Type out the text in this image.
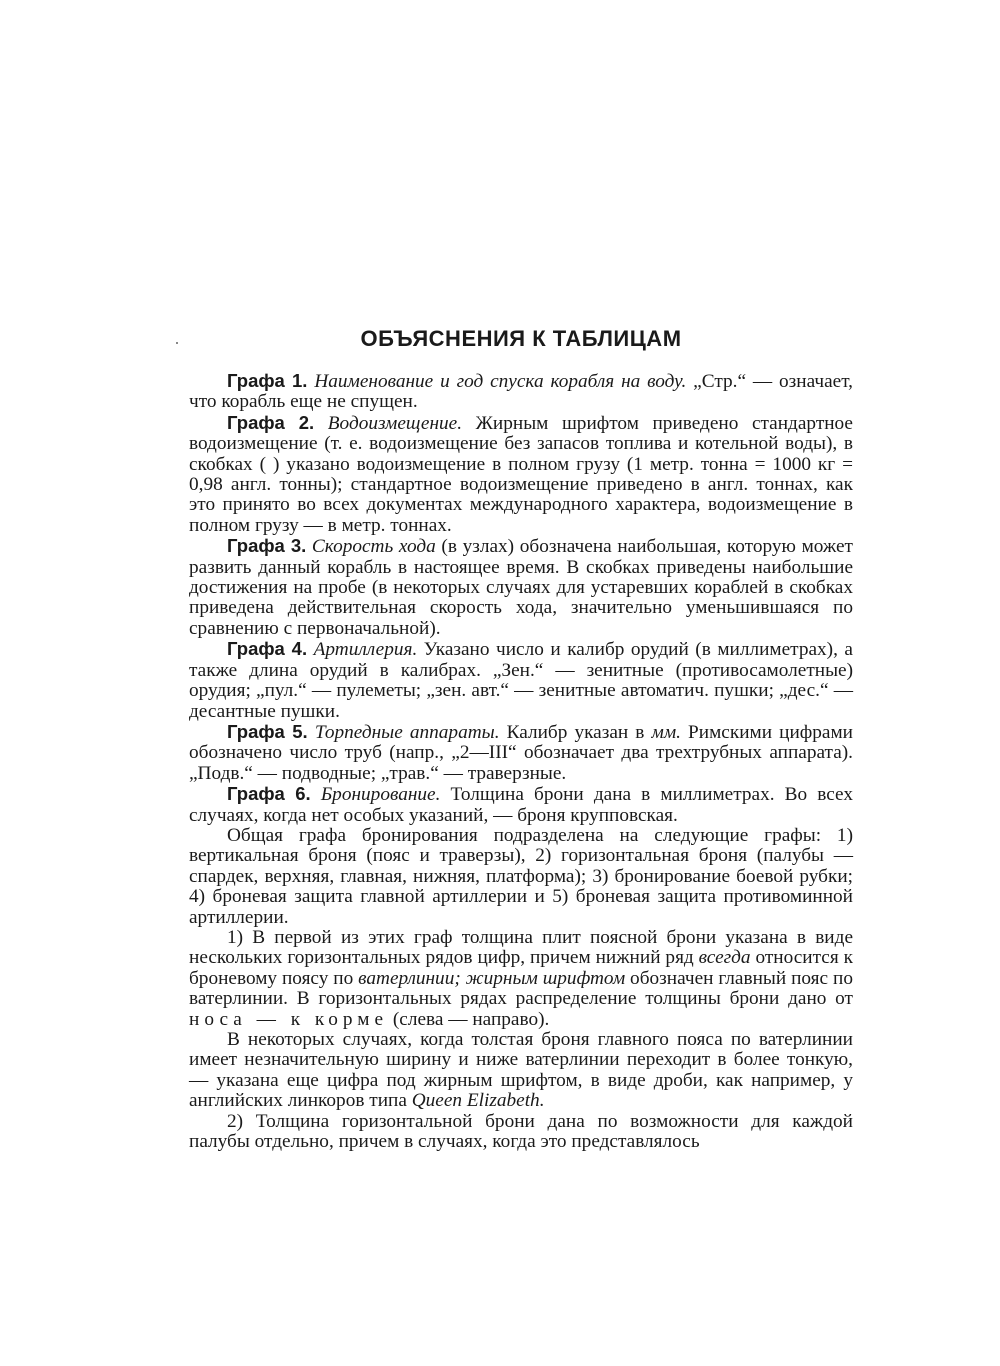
ОБЪЯСНЕНИЯ К ТАБЛИЦАМ

Графа 1. Наименование и год спуска корабля на воду. „Стр.“ — означает, что корабль еще не спущен.

Графа 2. Водоизмещение. Жирным шрифтом приведено стандартное водоизмещение (т. е. водоизмещение без запасов топлива и котельной воды), в скобках ( ) указано водоизмещение в полном грузу (1 метр. тонна = 1000 кг = 0,98 англ. тонны); стандартное водоизмещение приведено в англ. тоннах, как это принято во всех документах международного характера, водоизмещение в полном грузу — в метр. тоннах.

Графа 3. Скорость хода (в узлах) обозначена наибольшая, которую может развить данный корабль в настоящее время. В скобках приведены наибольшие достижения на пробе (в некоторых случаях для устаревших кораблей в скобках приведена действительная скорость хода, значительно уменьшившаяся по сравнению с первоначальной).

Графа 4. Артиллерия. Указано число и калибр орудий (в миллиметрах), а также длина орудий в калибрах. „Зен.“ — зенитные (противосамолетные) орудия; „пул.“ — пулеметы; „зен. авт.“ — зенитные автоматич. пушки; „дес.“ — десантные пушки.

Графа 5. Торпедные аппараты. Калибр указан в мм. Римскими цифрами обозначено число труб (напр., „2—III“ обозначает два трехтрубных аппарата). „Подв.“ — подводные; „трав.“ — траверзные.

Графа 6. Бронирование. Толщина брони дана в миллиметрах. Во всех случаях, когда нет особых указаний, — броня крупповская.

Общая графа бронирования подразделена на следующие графы: 1) вертикальная броня (пояс и траверзы), 2) горизонтальная броня (палубы — спардек, верхняя, главная, нижняя, платформа); 3) бронирование боевой рубки; 4) броневая защита главной артиллерии и 5) броневая защита противоминной артиллерии.

1) В первой из этих граф толщина плит поясной брони указана в виде нескольких горизонтальных рядов цифр, причем нижний ряд всегда относится к броневому поясу по ватерлинии; жирным шрифтом обозначен главный пояс по ватерлинии. В горизонтальных рядах распределение толщины брони дано от носа — к корме (слева — направо).

В некоторых случаях, когда толстая броня главного пояса по ватерлинии имеет незначительную ширину и ниже ватерлинии переходит в более тонкую, — указана еще цифра под жирным шрифтом, в виде дроби, как например, у английских линкоров типа Queen Elizabeth.

2) Толщина горизонтальной брони дана по возможности для каждой палубы отдельно, причем в случаях, когда это представлялось
